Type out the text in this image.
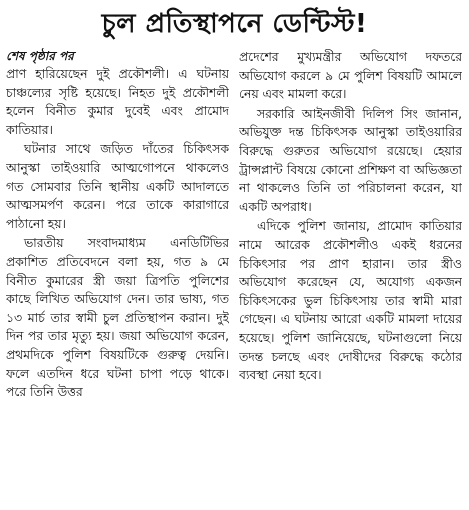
চুল প্রতিস্থাপনে ডেন্টিস্ট!

শেষ পৃষ্ঠার পর

প্রাণ হারিয়েছেন দুই প্রকৌশলী। এ ঘটনায় চাঞ্চল্যের সৃষ্টি হয়েছে। নিহত দুই প্রকৌশলী হলেন বিনীত কুমার দুবেই এবং প্রামোদ কাতিয়ার।

ঘটনার সাথে জড়িত দাঁতের চিকিৎসক আনুস্কা তাইওয়ারি আত্মগোপনে থাকলেও গত সোমবার তিনি স্থানীয় একটি আদালতে আত্মসমর্পণ করেন। পরে তাকে কারাগারে পাঠানো হয়।

ভারতীয় সংবাদমাধ্যম এনডিটিভির প্রকাশিত প্রতিবেদনে বলা হয়, গত ৯ মে বিনীত কুমারের স্ত্রী জয়া ত্রিপতি পুলিশের কাছে লিখিত অভিযোগ দেন। তার ভাষ্য, গত ১৩ মার্চ তার স্বামী চুল প্রতিস্থাপন করান। দুই দিন পর তার মৃত্যু হয়। জয়া অভিযোগ করেন, প্রথমদিকে পুলিশ বিষয়টিকে গুরুত্ব দেয়নি। ফলে এতদিন ধরে ঘটনা চাপা পড়ে থাকে। পরে তিনি উত্তর

প্রদেশের মুখ্যমন্ত্রীর অভিযোগ দফতরে অভিযোগ করলে ৯ মে পুলিশ বিষয়টি আমলে নেয় এবং মামলা করে।

সরকারি আইনজীবী দিলিপ সিং জানান, অভিযুক্ত দন্ত চিকিৎসক আনুস্কা তাইওয়ারির বিরুদ্ধে গুরুতর অভিযোগ রয়েছে। হেয়ার ট্রান্সপ্লান্ট বিষয়ে কোনো প্রশিক্ষণ বা অভিজ্ঞতা না থাকলেও তিনি তা পরিচালনা করেন, যা একটি অপরাধ।

এদিকে পুলিশ জানায়, প্রামোদ কাতিয়ার নামে আরেক প্রকৌশলীও একই ধরনের চিকিৎসার পর প্রাণ হারান। তার স্ত্রীও অভিযোগ করেছেন যে, অযোগ্য একজন চিকিৎসকের ভুল চিকিৎসায় তার স্বামী মারা গেছেন। এ ঘটনায় আরো একটি মামলা দায়ের হয়েছে। পুলিশ জানিয়েছে, ঘটনাগুলো নিয়ে তদন্ত চলছে এবং দোষীদের বিরুদ্ধে কঠোর ব্যবস্থা নেয়া হবে।
